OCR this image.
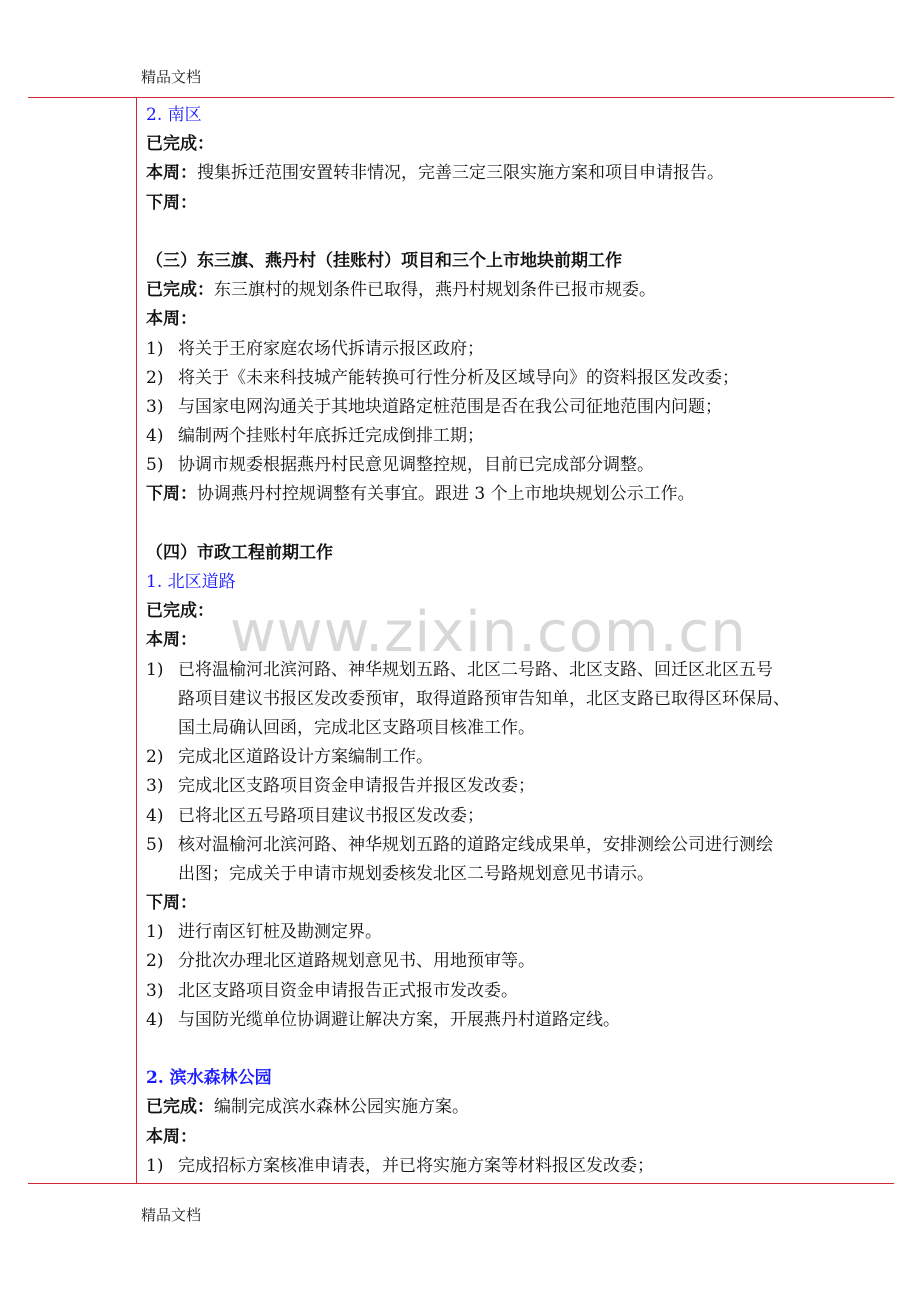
精品文档
www.zixin.com.cn
2. 南区
已完成：
本周：搜集拆迁范围安置转非情况，完善三定三限实施方案和项目申请报告。
下周：
（三）东三旗、燕丹村（挂账村）项目和三个上市地块前期工作
已完成：东三旗村的规划条件已取得，燕丹村规划条件已报市规委。
本周：
1) 将关于王府家庭农场代拆请示报区政府；
2) 将关于《未来科技城产能转换可行性分析及区域导向》的资料报区发改委；
3) 与国家电网沟通关于其地块道路定桩范围是否在我公司征地范围内问题；
4) 编制两个挂账村年底拆迁完成倒排工期；
5) 协调市规委根据燕丹村民意见调整控规，目前已完成部分调整。
下周：协调燕丹村控规调整有关事宜。跟进 3 个上市地块规划公示工作。
（四）市政工程前期工作
1. 北区道路
已完成：
本周：
1) 已将温榆河北滨河路、神华规划五路、北区二号路、北区支路、回迁区北区五号
路项目建议书报区发改委预审，取得道路预审告知单，北区支路已取得区环保局、
国土局确认回函，完成北区支路项目核准工作。
2) 完成北区道路设计方案编制工作。
3) 完成北区支路项目资金申请报告并报区发改委；
4) 已将北区五号路项目建议书报区发改委；
5) 核对温榆河北滨河路、神华规划五路的道路定线成果单，安排测绘公司进行测绘
出图；完成关于申请市规划委核发北区二号路规划意见书请示。
下周：
1) 进行南区钉桩及勘测定界。
2) 分批次办理北区道路规划意见书、用地预审等。
3) 北区支路项目资金申请报告正式报市发改委。
4) 与国防光缆单位协调避让解决方案，开展燕丹村道路定线。
2. 滨水森林公园
已完成：编制完成滨水森林公园实施方案。
本周：
1) 完成招标方案核准申请表，并已将实施方案等材料报区发改委；
精品文档
